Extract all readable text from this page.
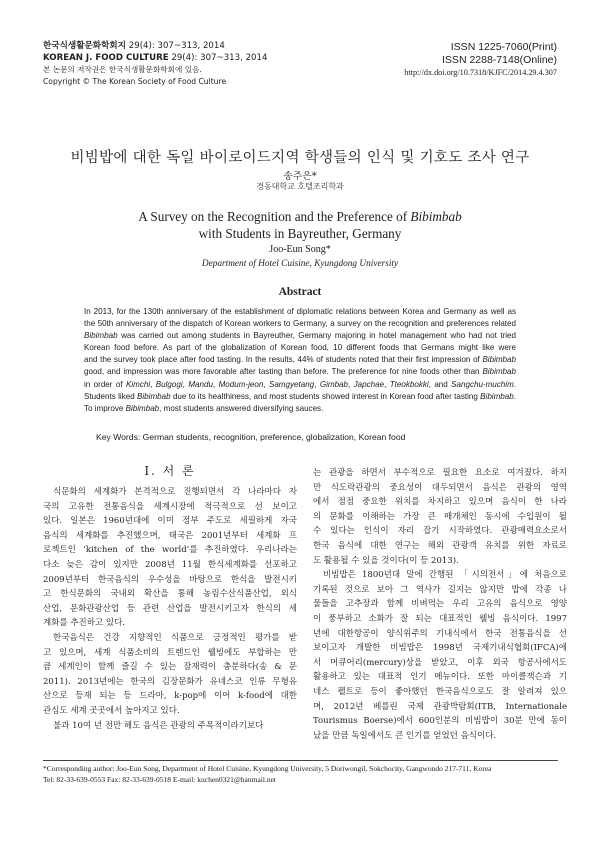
한국식생활문화학회지 29(4): 307~313, 2014
KOREAN J. FOOD CULTURE 29(4): 307~313, 2014
본 논문의 저작권은 한국식생활문화학회에 있음.
Copyright © The Korean Society of Food Culture
ISSN 1225-7060(Print)
ISSN 2288-7148(Online)
http://dx.doi.org/10.7318/KJFC/2014.29.4.307
비빔밥에 대한 독일 바이로이드지역 학생들의 인식 및 기호도 조사 연구
송주은*
경동대학교 호텔조리학과
A Survey on the Recognition and the Preference of Bibimbab
with Students in Bayreuther, Germany
Joo-Eun Song*
Department of Hotel Cuisine, Kyungdong University
Abstract
In 2013, for the 130th anniversary of the establishment of diplomatic relations between Korea and Germany as well as
the 50th anniversary of the dispatch of Korean workers to Germany, a survey on the recognition and preferences related
Bibimbab was carried out among students in Bayreuther, Germany majoring in hotel management who had not tried
Korean food before. As part of the globalization of Korean food, 10 different foods that Germans might like were
and the survey took place after food tasting. In the results, 44% of students noted that their first impression of Bibimbab
good, and impression was more favorable after tasting than before. The preference for nine foods other than Bibimbab
in order of Kimchi, Bulgogi, Mandu, Modum-jeon, Samgyetang, Gimbab, Japchae, Tteokbokki, and Sangchu-muchim.
Students liked Bibimbab due to its healthiness, and most students showed interest in Korean food after tasting Bibimbab.
To improve Bibimbab, most students answered diversifying sauces.
Key Words: German students, recognition, preference, globalization, Korean food
I. 서 론
식문화의 세계화가 본격적으로 진행되면서 각 나라마다 자
국의 고유한 전통음식을 세계시장에 적극적으로 선 보이고
있다. 일본은 1960년대에 이미 정부 주도로 세필하게 자국
음식의 세계화를 추진했으며, 태국은 2001년부터 세계화 프
로젝트인 ‘kitchen of the world’를 추진하였다. 우리나라는
다소 늦은 감이 있지만 2008년 11월 한식세계화를 선포하고
2009년부터 한국음식의 우수성을 바탕으로 한식을 발전시키
고 한식문화의 국내외 확산을 통해 농림수산식품산업, 외식
산업, 문화관광산업 등 관련 산업을 발전시키고자 한식의 세
계화를 추진하고 있다.
한국음식은 건강 지향적인 식품으로 긍정적인 평가를 받
고 있으며, 세계 식품소비의 트렌드인 웰빙에도 부합하는 만
큼 세계인이 함께 즐길 수 있는 잠재력이 충분하다(송 & 문
2011). 2013년에는 한국의 김장문화가 유네스코 인류 무형유
산으로 등재 되는 등 드라마, k-pop에 이어 k-food에 대한
관심도 세계 곳곳에서 높아지고 있다.
불과 10여 년 전만 해도 음식은 관광의 주목적이라기보다
는 관광을 하면서 부수적으로 필요한 요소로 여겨졌다. 하지
만 식도락관광의 중요성이 대두되면서 음식은 관광의 영역
에서 점점 중요한 위치를 차지하고 있으며 음식이 한 나라
의 문화를 이해하는 가장 큰 매개체인 동시에 수입원이 될
수 있다는 인식이 자리 잡기 시작하였다. 관광매력요소로서
한국 음식에 대한 연구는 해외 관광객 유치를 위한 자료로
도 활용될 수 있을 것이다(이 등 2013).
비빔밥은 1800년대 말에 간행된 「시의전서」에 처음으로
기록된 것으로 보아 그 역사가 길지는 않지만 밥에 각종 나
물들을 고추장과 함께 비벼먹는 우리 고유의 음식으로 영양
이 풍부하고 소화가 잘 되는 대표적인 웰빙 음식이다. 1997
년에 대한항공이 양식위주의 기내식에서 한국 전통음식을 선
보이고자 개발한 비빔밥은 1998년 국제기내식협회(IFCA)에
서 머큐어리(mercury)상을 받았고, 이후 외국 항공사에서도
활용하고 있는 대표적 인기 메뉴이다. 또한 마이클잭슨과 기
네스 펠트로 등이 좋아했던 한국음식으로도 잘 알려져 있으
며, 2012년 베를린 국제 관광박람회(ITB, Internationale
Tourismus Boerse)에서 600인분의 비빔밥이 30분 만에 동이
났을 만큼 독일에서도 큰 인기를 얻었던 음식이다.
*Corresponding author: Joo-Eun Song, Department of Hotel Cuisine, Kyungdong University, 5 Doriwongil, Sokchocity, Gangwondo 217-711, Korea
Tel: 82-33-639-0553 Fax: 82-33-639-0518 E-mail: kuchen0321@hanmail.net
